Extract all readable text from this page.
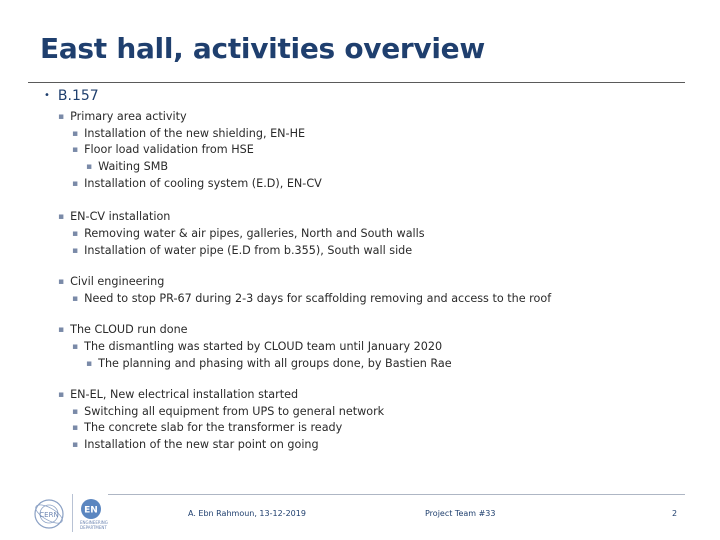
East hall, activities overview
• B.157
▪ Primary area activity
▪ Installation of the new shielding, EN-HE
▪ Floor load validation from HSE
▪ Waiting SMB
▪ Installation of cooling system (E.D), EN-CV
▪ EN-CV installation
▪ Removing water & air pipes, galleries, North and South walls
▪ Installation of water pipe (E.D from b.355), South wall side
▪ Civil engineering
▪ Need to stop PR-67 during 2-3 days for scaffolding removing and access to the roof
▪ The CLOUD run done
▪ The dismantling was started by CLOUD team until January 2020
▪ The planning and phasing with all groups done, by Bastien Rae
▪ EN-EL, New electrical installation started
▪ Switching all equipment from UPS to general network
▪ The concrete slab for the transformer is ready
▪ Installation of the new star point on going
CERN	EN
ENGINEERING
DEPARTMENT
A. Ebn Rahmoun, 13-12-2019	Project Team #33	2
